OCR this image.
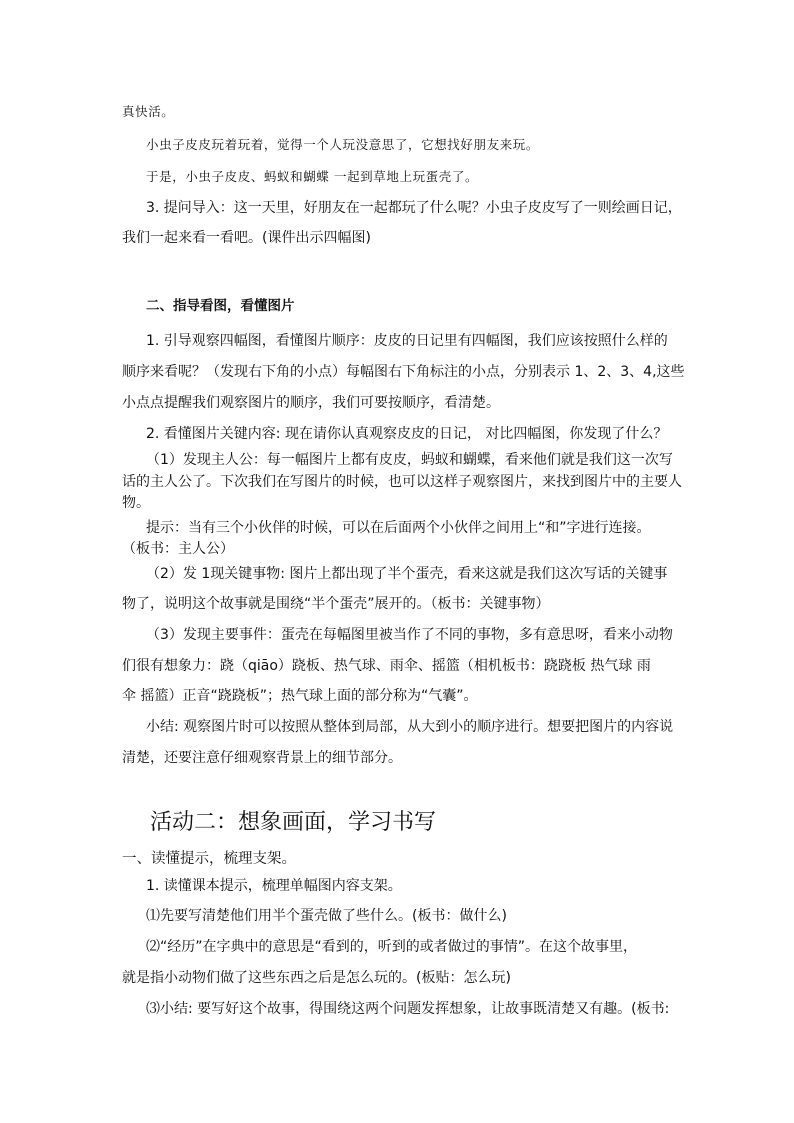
真快活。

小虫子皮皮玩着玩着，觉得一个人玩没意思了，它想找好朋友来玩。

于是，小虫子皮皮、蚂蚁和蝴蝶 一起到草地上玩蛋壳了。

3. 提问导入：这一天里，好朋友在一起都玩了什么呢？小虫子皮皮写了一则绘画日记，

我们一起来看一看吧。(课件出示四幅图)

二、指导看图，看懂图片

1. 引导观察四幅图，看懂图片顺序：皮皮的日记里有四幅图，我们应该按照什么样的

顺序来看呢？（发现右下角的小点）每幅图右下角标注的小点，分别表示 1、2、3、4,这些

小点点提醒我们观察图片的顺序，我们可要按顺序，看清楚。

2. 看懂图片关键内容: 现在请你认真观察皮皮的日记， 对比四幅图，你发现了什么？

（1）发现主人公：每一幅图片上都有皮皮，蚂蚁和蝴蝶，看来他们就是我们这一次写

话的主人公了。下次我们在写图片的时候，也可以这样子观察图片，来找到图片中的主要人

物。

提示：当有三个小伙伴的时候，可以在后面两个小伙伴之间用上“和”字进行连接。

（板书：主人公）

（2）发 1现关键事物: 图片上都出现了半个蛋壳，看来这就是我们这次写话的关键事

物了，说明这个故事就是围绕“半个蛋壳”展开的。（板书：关键事物）

（3）发现主要事件：蛋壳在每幅图里被当作了不同的事物，多有意思呀，看来小动物

们很有想象力：跷（qiāo）跷板、热气球、雨伞、摇篮（相机板书：跷跷板 热气球 雨

伞 摇篮）正音“跷跷板”；热气球上面的部分称为“气囊”。

小结: 观察图片时可以按照从整体到局部，从大到小的顺序进行。想要把图片的内容说

清楚，还要注意仔细观察背景上的细节部分。

活动二：想象画面，学习书写

一、读懂提示，梳理支架。

1. 读懂课本提示，梳理单幅图内容支架。

⑴先要写清楚他们用半个蛋壳做了些什么。(板书：做什么)

⑵“经历”在字典中的意思是“看到的，听到的或者做过的事情”。在这个故事里，

就是指小动物们做了这些东西之后是怎么玩的。(板贴：怎么玩)

⑶小结: 要写好这个故事，得围绕这两个问题发挥想象，让故事既清楚又有趣。(板书:
